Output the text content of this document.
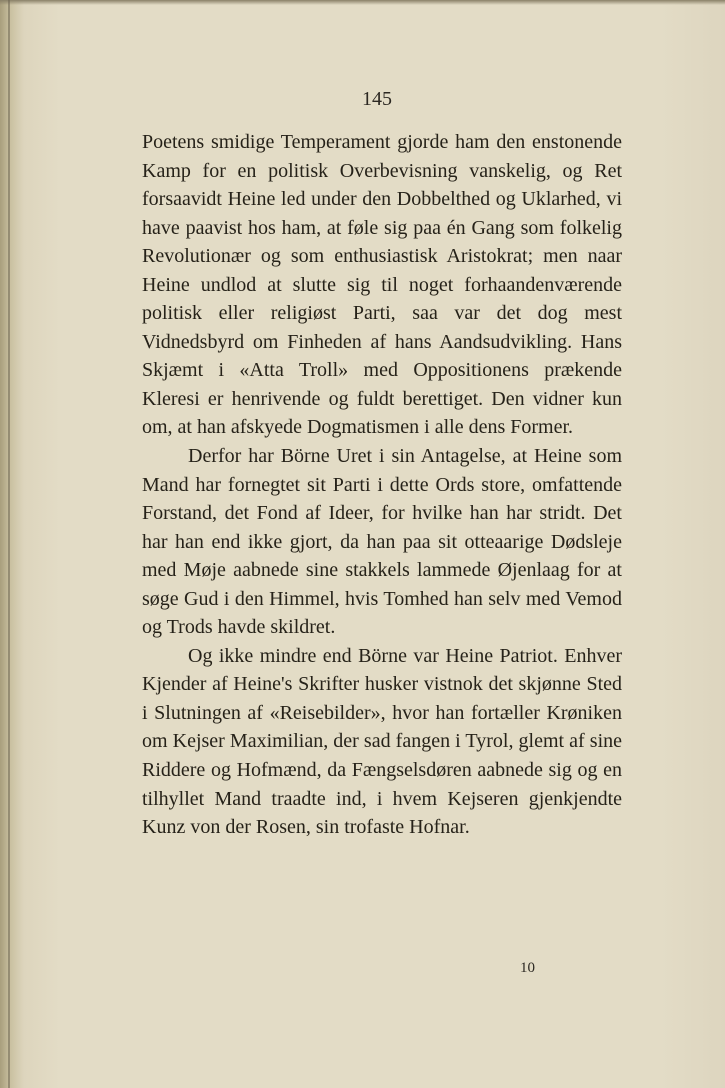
145

Poetens smidige Temperament gjorde ham den enstonende Kamp for en politisk Overbevisning vanskelig, og Ret forsaavidt Heine led under den Dobbelthed og Uklarhed, vi have paavist hos ham, at føle sig paa én Gang som folkelig Revolutionær og som enthusiastisk Aristokrat; men naar Heine undlod at slutte sig til noget forhaandenværende politisk eller religiøst Parti, saa var det dog mest Vidnedsbyrd om Finheden af hans Aandsudvikling. Hans Skjæmt i «Atta Troll» med Oppositionens prækende Kleresi er henrivende og fuldt berettiget. Den vidner kun om, at han afskyede Dogmatismen i alle dens Former.

Derfor har Börne Uret i sin Antagelse, at Heine som Mand har fornegtet sit Parti i dette Ords store, omfattende Forstand, det Fond af Ideer, for hvilke han har stridt. Det har han end ikke gjort, da han paa sit otteaarige Dødsleje med Møje aabnede sine stakkels lammede Øjenlaag for at søge Gud i den Himmel, hvis Tomhed han selv med Vemod og Trods havde skildret.

Og ikke mindre end Börne var Heine Patriot. Enhver Kjender af Heine's Skrifter husker vistnok det skjønne Sted i Slutningen af «Reisebilder», hvor han fortæller Krøniken om Kejser Maximilian, der sad fangen i Tyrol, glemt af sine Riddere og Hofmænd, da Fængselsdøren aabnede sig og en tilhyllet Mand traadte ind, i hvem Kejseren gjenkjendte Kunz von der Rosen, sin trofaste Hofnar.

10
